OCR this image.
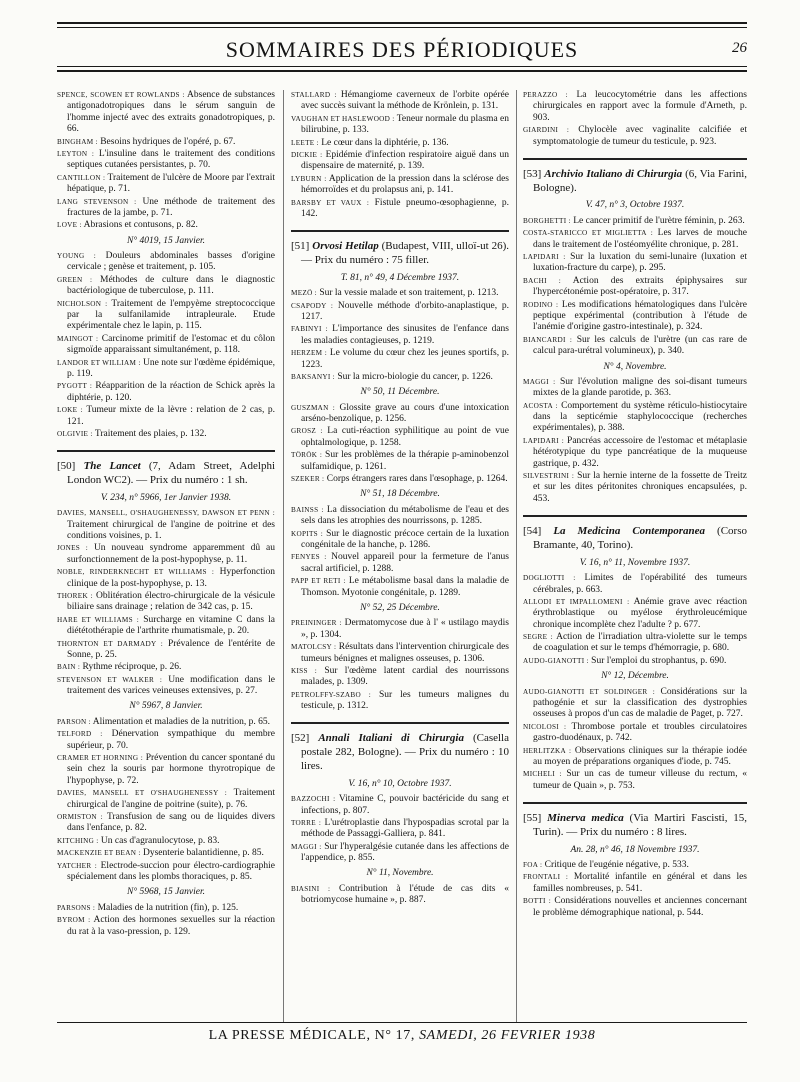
SOMMAIRES DES PÉRIODIQUES	26

SPENCE, SCOWEN ET ROWLANDS : Absence de substances antigonadotropiques dans le sérum sanguin de l'homme injecté avec des extraits gonadotropiques, p. 66.

BINGHAM : Besoins hydriques de l'opéré, p. 67.

LEYTON : L'insuline dans le traitement des conditions septiques cutanées persistantes, p. 70.

CANTILLON : Traitement de l'ulcère de Moore par l'extrait hépatique, p. 71.

LANG STEVENSON : Une méthode de traitement des fractures de la jambe, p. 71.

LOVE : Abrasions et contusons, p. 82.

N° 4019, 15 Janvier.

YOUNG : Douleurs abdominales basses d'origine cervicale ; genèse et traitement, p. 105.

GREEN : Méthodes de culture dans le diagnostic bactériologique de tuberculose, p. 111.

NICHOLSON : Traitement de l'empyème streptococcique par la sulfanilamide intrapleurale. Etude expérimentale chez le lapin, p. 115.

MAINGOT : Carcinome primitif de l'estomac et du côlon sigmoïde apparaissant simultanément, p. 118.

LANDOR ET WILLIAM : Une note sur l'œdème épidémique, p. 119.

PYGOTT : Réapparition de la réaction de Schick après la diphtérie, p. 120.

LOKE : Tumeur mixte de la lèvre : relation de 2 cas, p. 121.

OLGIVIE : Traitement des plaies, p. 132.

[50] The Lancet (7, Adam Street, Adelphi London WC2). — Prix du numéro : 1 sh.

V. 234, n° 5966, 1er Janvier 1938.

DAVIES, MANSELL, O'SHAUGHENESSY, DAWSON ET PENN : Traitement chirurgical de l'angine de poitrine et des conditions voisines, p. 1.

JONES : Un nouveau syndrome apparemment dû au surfonctionnement de la post-hypophyse, p. 11.

NOBLE, RINDERKNECHT ET WILLIAMS : Hyperfonction clinique de la post-hypophyse, p. 13.

THOREK : Oblitération électro-chirurgicale de la vésicule biliaire sans drainage ; relation de 342 cas, p. 15.

HARE ET WILLIAMS : Surcharge en vitamine C dans la diététothérapie de l'arthrite rhumatismale, p. 20.

THORNTON ET DARMADY : Prévalence de l'entérite de Sonne, p. 25.

BAIN : Rythme réciproque, p. 26.

STEVENSON ET WALKER : Une modification dans le traitement des varices veineuses extensives, p. 27.

N° 5967, 8 Janvier.

PARSON : Alimentation et maladies de la nutrition, p. 65.

TELFORD : Dénervation sympathique du membre supérieur, p. 70.

CRAMER ET HORNING : Prévention du cancer spontané du sein chez la souris par hormone thyrotropique de l'hypophyse, p. 72.

DAVIES, MANSELL ET O'SHAUGHENESSY : Traitement chirurgical de l'angine de poitrine (suite), p. 76.

ORMISTON : Transfusion de sang ou de liquides divers dans l'enfance, p. 82.

KITCHING : Un cas d'agranulocytose, p. 83.

MACKENZIE ET BEAN : Dysenterie balantidienne, p. 85.

YATCHER : Electrode-succion pour électro-cardiographie spécialement dans les plombs thoraciques, p. 85.

N° 5968, 15 Janvier.

PARSONS : Maladies de la nutrition (fin), p. 125.

BYROM : Action des hormones sexuelles sur la réaction du rat à la vaso-pression, p. 129.

STALLARD : Hémangiome caverneux de l'orbite opérée avec succès suivant la méthode de Krönlein, p. 131.

VAUGHAN ET HASLEWOOD : Teneur normale du plasma en bilirubine, p. 133.

LEETE : Le cœur dans la diphtérie, p. 136.

DICKIE : Epidémie d'infection respiratoire aiguë dans un dispensaire de maternité, p. 139.

LYBURN : Application de la pression dans la sclérose des hémorroïdes et du prolapsus ani, p. 141.

BARSBY ET VAUX : Fistule pneumo-œsophagienne, p. 142.

[51] Orvosi Hetilap (Budapest, VIII, ulloï-ut 26). — Prix du numéro : 75 filler.

T. 81, n° 49, 4 Décembre 1937.

MEZÖ : Sur la vessie malade et son traitement, p. 1213.

CSAPODY : Nouvelle méthode d'orbito-anaplastique, p. 1217.

FABINYI : L'importance des sinusites de l'enfance dans les maladies contagieuses, p. 1219.

HERZEM : Le volume du cœur chez les jeunes sportifs, p. 1223.

BAKSANYI : Sur la micro-biologie du cancer, p. 1226.

N° 50, 11 Décembre.

GUSZMAN : Glossite grave au cours d'une intoxication arséno-benzolique, p. 1256.

GROSZ : La cuti-réaction syphilitique au point de vue ophtalmologique, p. 1258.

TÖRÖK : Sur les problèmes de la thérapie p-aminobenzol sulfamidique, p. 1261.

SZEKER : Corps étrangers rares dans l'œsophage, p. 1264.

N° 51, 18 Décembre.

BAINSS : La dissociation du métabolisme de l'eau et des sels dans les atrophies des nourrissons, p. 1285.

KOPITS : Sur le diagnostic précoce certain de la luxation congénitale de la hanche, p. 1286.

FENYES : Nouvel appareil pour la fermeture de l'anus sacral artificiel, p. 1288.

PAPP ET RETI : Le métabolisme basal dans la maladie de Thomson. Myotonie congénitale, p. 1289.

N° 52, 25 Décembre.

PREININGER : Dermatomycose due à l' « ustilago maydis », p. 1304.

MATOLCSY : Résultats dans l'intervention chirurgicale des tumeurs bénignes et malignes osseuses, p. 1306.

KISS : Sur l'œdème latent cardial des nourrissons malades, p. 1309.

PETROLFFY-SZABO : Sur les tumeurs malignes du testicule, p. 1312.

[52] Annali Italiani di Chirurgia (Casella postale 282, Bologne). — Prix du numéro : 10 lires.

V. 16, n° 10, Octobre 1937.

BAZZOCHI : Vitamine C, pouvoir bactéricide du sang et infections, p. 807.

TORRE : L'urétroplastie dans l'hypospadias scrotal par la méthode de Passaggi-Galliera, p. 841.

MAGGI : Sur l'hyperalgésie cutanée dans les affections de l'appendice, p. 855.

N° 11, Novembre.

BIASINI : Contribution à l'étude de cas dits « botriomycose humaine », p. 887.

PERAZZO : La leucocytométrie dans les affections chirurgicales en rapport avec la formule d'Arneth, p. 903.

GIARDINI : Chylocèle avec vaginalite calcifiée et symptomatologie de tumeur du testicule, p. 923.

[53] Archivio Italiano di Chirurgia (6, Via Farini, Bologne).

V. 47, n° 3, Octobre 1937.

BORGHETTI : Le cancer primitif de l'urètre féminin, p. 263.

COSTA-STARICCO ET MIGLIETTA : Les larves de mouche dans le traitement de l'ostéomyélite chronique, p. 281.

LAPIDARI : Sur la luxation du semi-lunaire (luxation et luxation-fracture du carpe), p. 295.

BACHI : Action des extraits épiphysaires sur l'hypercétonémie post-opératoire, p. 317.

RODINO : Les modifications hématologiques dans l'ulcère peptique expérimental (contribution à l'étude de l'anémie d'origine gastro-intestinale), p. 324.

BIANCARDI : Sur les calculs de l'urètre (un cas rare de calcul para-urétral volumineux), p. 340.

N° 4, Novembre.

MAGGI : Sur l'évolution maligne des soi-disant tumeurs mixtes de la glande parotide, p. 363.

ACOSTA : Comportement du système réticulo-histiocytaire dans la septicémie staphylococcique (recherches expérimentales), p. 388.

LAPIDARI : Pancréas accessoire de l'estomac et métaplasie hétérotypique du type pancréatique de la muqueuse gastrique, p. 432.

SILVESTRINI : Sur la hernie interne de la fossette de Treitz et sur les dites péritonites chroniques encapsulées, p. 453.

[54] La Medicina Contemporanea (Corso Bramante, 40, Torino).

V. 16, n° 11, Novembre 1937.

DOGLIOTTI : Limites de l'opérabilité des tumeurs cérébrales, p. 663.

ALLODI ET IMPALLOMENI : Anémie grave avec réaction érythroblastique ou myélose érythroleucémique chronique incomplète chez l'adulte ? p. 677.

SEGRE : Action de l'irradiation ultra-violette sur le temps de coagulation et sur le temps d'hémorragie, p. 680.

AUDO-GIANOTTI : Sur l'emploi du strophantus, p. 690.

N° 12, Décembre.

AUDO-GIANOTTI ET SOLDINGER : Considérations sur la pathogénie et sur la classification des dystrophies osseuses à propos d'un cas de maladie de Paget, p. 727.

NICOLOSI : Thrombose portale et troubles circulatoires gastro-duodénaux, p. 742.

HERLITZKA : Observations cliniques sur la thérapie iodée au moyen de préparations organiques d'iode, p. 745.

MICHELI : Sur un cas de tumeur villeuse du rectum, « tumeur de Quain », p. 753.

[55] Minerva medica (Via Martiri Fascisti, 15, Turin). — Prix du numéro : 8 lires.

An. 28, n° 46, 18 Novembre 1937.

FOA : Critique de l'eugénie négative, p. 533.

FRONTALI : Mortalité infantile en général et dans les familles nombreuses, p. 541.

BOTTI : Considérations nouvelles et anciennes concernant le problème démographique national, p. 544.

LA PRESSE MÉDICALE, N° 17, SAMEDI, 26 FEVRIER 1938
